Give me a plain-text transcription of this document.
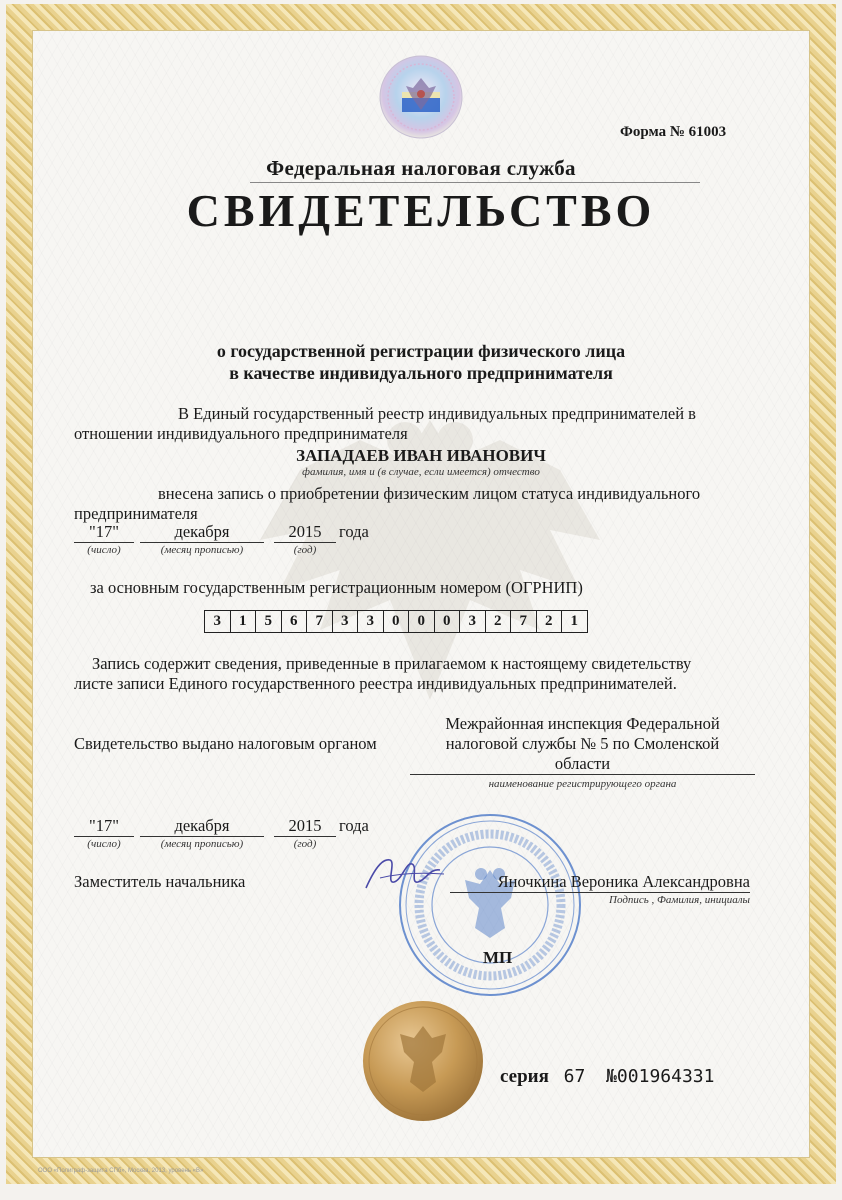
Форма № 61003
Федеральная налоговая служба
СВИДЕТЕЛЬСТВО
о государственной регистрации физического лица
в качестве индивидуального предпринимателя
В Единый государственный реестр индивидуальных предпринимателей в
отношении индивидуального предпринимателя
ЗАПАДАЕВ ИВАН ИВАНОВИЧ
фамилия, имя и (в случае, если имеется) отчество
внесена запись о приобретении физическим лицом статуса индивидуального
предпринимателя
"17"	декабря	2015	года
(число)	(месяц прописью)	(год)
за основным государственным регистрационным номером (ОГРНИП)
3	1	5	6	7	3	3	0	0	0	3	2	7	2	1
Запись содержит сведения, приведенные в прилагаемом к настоящему свидетельству
листе записи Единого государственного реестра индивидуальных предпринимателей.
Свидетельство выдано налоговым органом
Межрайонная инспекция Федеральной
налоговой службы № 5 по Смоленской
области
наименование регистрирующего органа
"17"	декабря	2015	года
(число)	(месяц прописью)	(год)
Заместитель начальника	Яночкина Вероника Александровна
Подпись , Фамилия, инициалы
МП
серия 67 №001964331
ООО «Полиграф-защита СПб», Москва, 2013, уровень «В»
